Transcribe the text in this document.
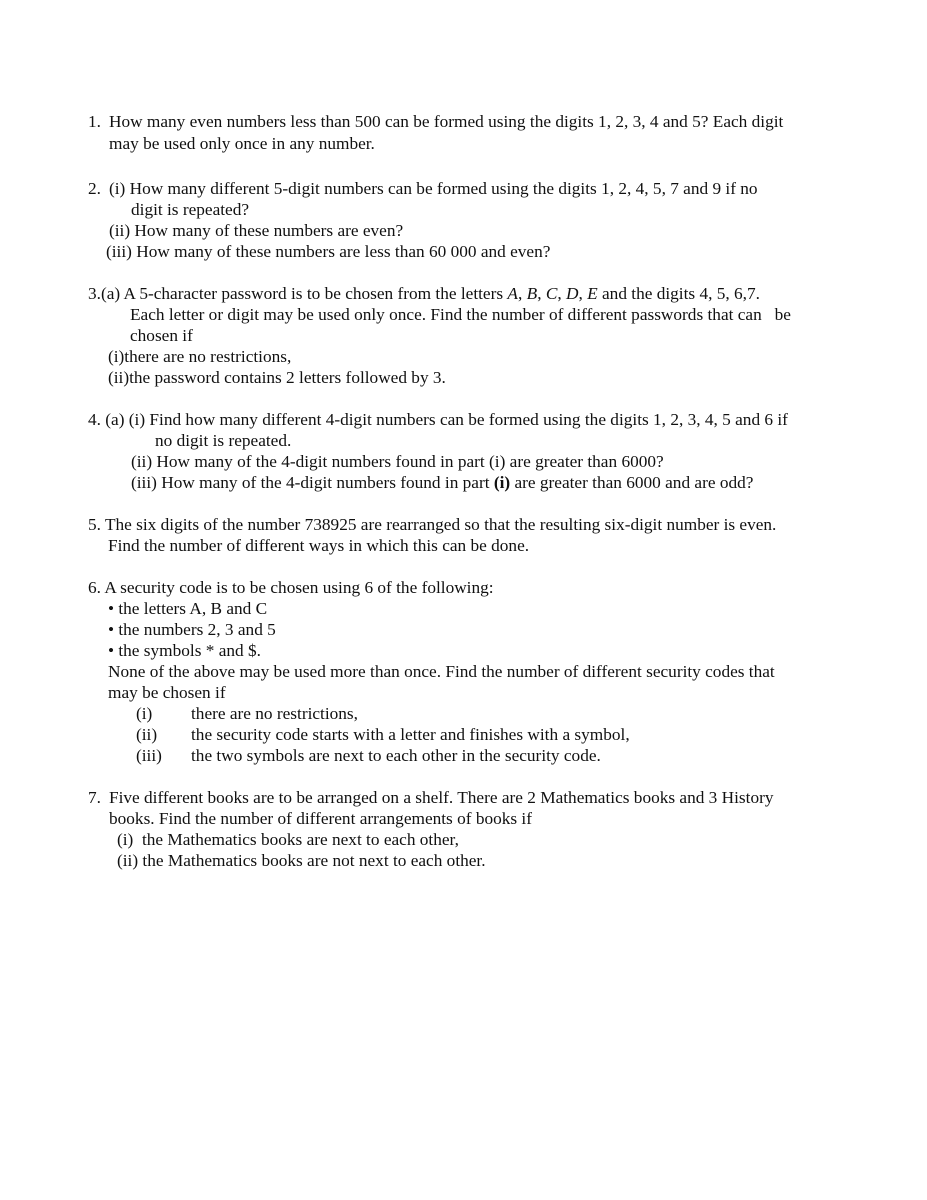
1. How many even numbers less than 500 can be formed using the digits 1, 2, 3, 4 and 5? Each digit
may be used only once in any number.
2. (i) How many different 5-digit numbers can be formed using the digits 1, 2, 4, 5, 7 and 9 if no
digit is repeated?
(ii) How many of these numbers are even?
(iii) How many of these numbers are less than 60 000 and even?
3.(a) A 5-character password is to be chosen from the letters A, B, C, D, E and the digits 4, 5, 6,7.
Each letter or digit may be used only once. Find the number of different passwords that can   be
chosen if
(i)there are no restrictions,
(ii)the password contains 2 letters followed by 3.
4. (a) (i) Find how many different 4-digit numbers can be formed using the digits 1, 2, 3, 4, 5 and 6 if
no digit is repeated.
(ii) How many of the 4-digit numbers found in part (i) are greater than 6000?
(iii) How many of the 4-digit numbers found in part (i) are greater than 6000 and are odd?
5. The six digits of the number 738925 are rearranged so that the resulting six-digit number is even.
Find the number of different ways in which this can be done.
6. A security code is to be chosen using 6 of the following:
• the letters A, B and C
• the numbers 2, 3 and 5
• the symbols * and $.
None of the above may be used more than once. Find the number of different security codes that
may be chosen if
(i) there are no restrictions,
(ii) the security code starts with a letter and finishes with a symbol,
(iii) the two symbols are next to each other in the security code.
7. Five different books are to be arranged on a shelf. There are 2 Mathematics books and 3 History
books. Find the number of different arrangements of books if
(i)  the Mathematics books are next to each other,
(ii) the Mathematics books are not next to each other.
